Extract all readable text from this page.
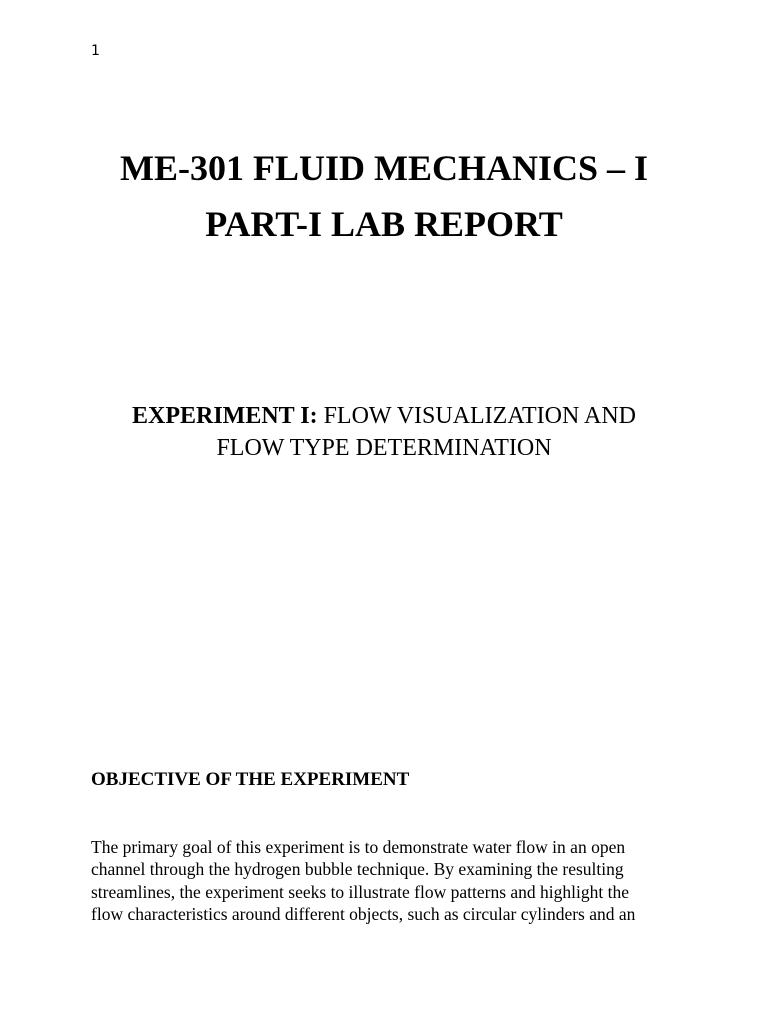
1
ME-301 FLUID MECHANICS – I
PART-I LAB REPORT
EXPERIMENT I: FLOW VISUALIZATION AND
FLOW TYPE DETERMINATION
OBJECTIVE OF THE EXPERIMENT
The primary goal of this experiment is to demonstrate water flow in an open
channel through the hydrogen bubble technique. By examining the resulting
streamlines, the experiment seeks to illustrate flow patterns and highlight the
flow characteristics around different objects, such as circular cylinders and an
